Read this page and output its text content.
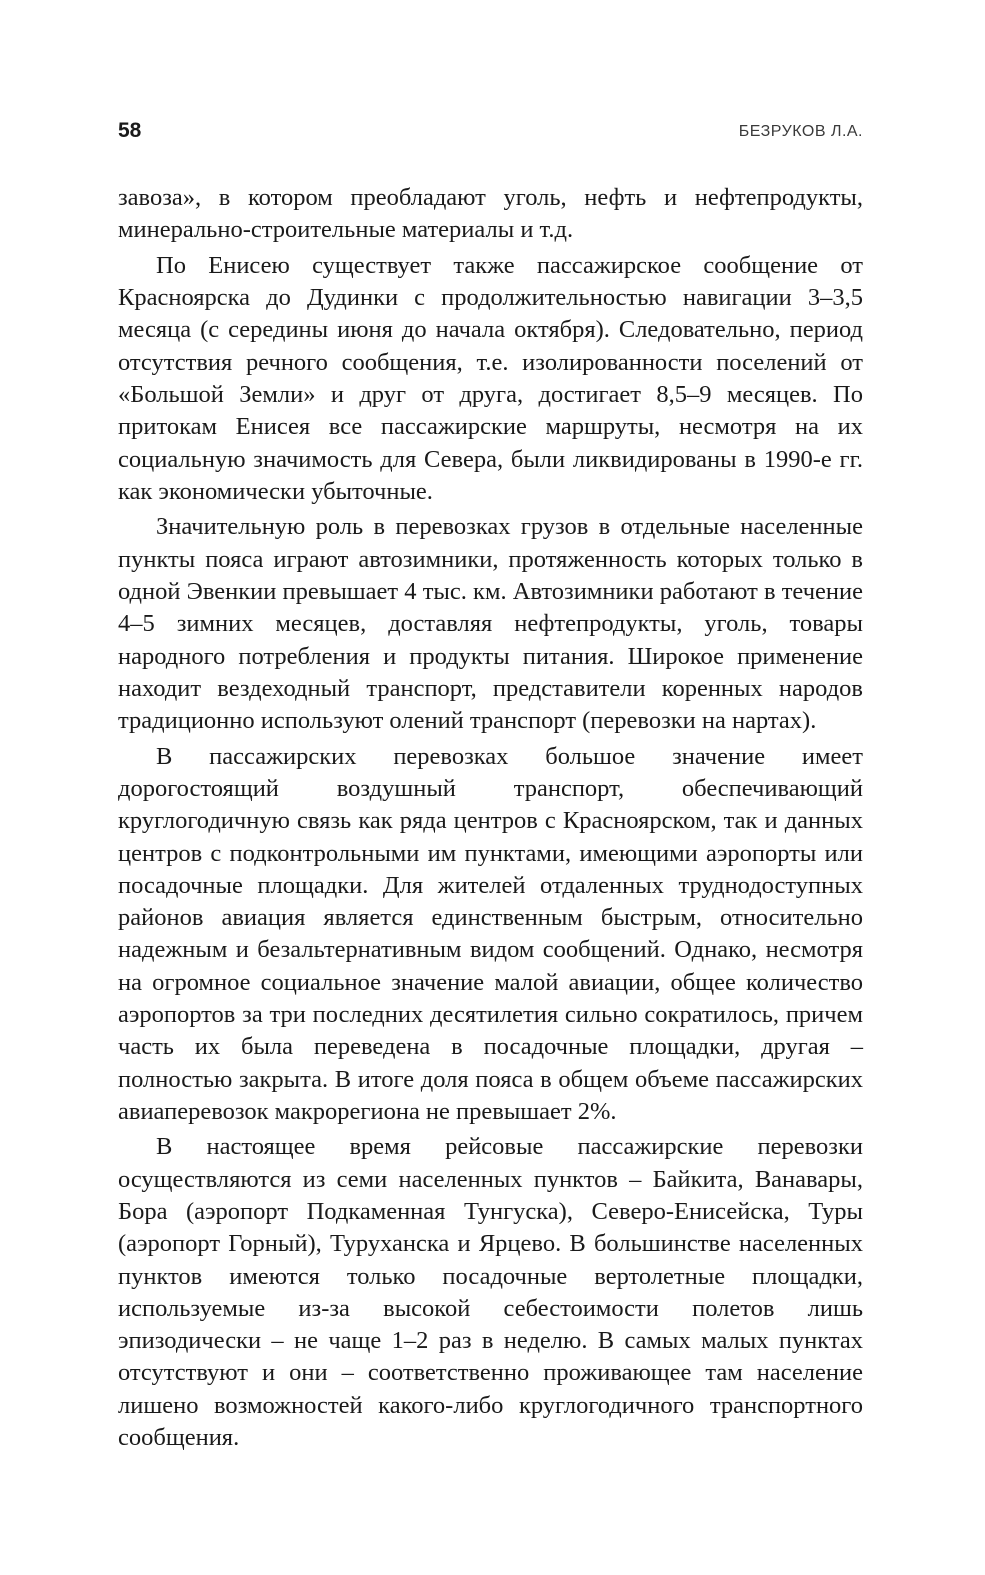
58	БЕЗРУКОВ Л.А.

завоза», в котором преобладают уголь, нефть и нефтепродукты, минерально-строительные материалы и т.д.

По Енисею существует также пассажирское сообщение от Красноярска до Дудинки с продолжительностью навигации 3–3,5 месяца (с середины июня до начала октября). Следовательно, период отсутствия речного сообщения, т.е. изолированности поселений от «Большой Земли» и друг от друга, достигает 8,5–9 месяцев. По притокам Енисея все пассажирские маршруты, несмотря на их социальную значимость для Севера, были ликвидированы в 1990-е гг. как экономически убыточные.

Значительную роль в перевозках грузов в отдельные населенные пункты пояса играют автозимники, протяженность которых только в одной Эвенкии превышает 4 тыс. км. Автозимники работают в течение 4–5 зимних месяцев, доставляя нефтепродукты, уголь, товары народного потребления и продукты питания. Широкое применение находит вездеходный транспорт, представители коренных народов традиционно используют олений транспорт (перевозки на нартах).

В пассажирских перевозках большое значение имеет дорогостоящий воздушный транспорт, обеспечивающий круглогодичную связь как ряда центров с Красноярском, так и данных центров с подконтрольными им пунктами, имеющими аэропорты или посадочные площадки. Для жителей отдаленных труднодоступных районов авиация является единственным быстрым, относительно надежным и безальтернативным видом сообщений. Однако, несмотря на огромное социальное значение малой авиации, общее количество аэропортов за три последних десятилетия сильно сократилось, причем часть их была переведена в посадочные площадки, другая – полностью закрыта. В итоге доля пояса в общем объеме пассажирских авиаперевозок макрорегиона не превышает 2%.

В настоящее время рейсовые пассажирские перевозки осуществляются из семи населенных пунктов – Байкита, Ванавары, Бора (аэропорт Подкаменная Тунгуска), Северо-Енисейска, Туры (аэропорт Горный), Туруханска и Ярцево. В большинстве населенных пунктов имеются только посадочные вертолетные площадки, используемые из-за высокой себестоимости полетов лишь эпизодически – не чаще 1–2 раз в неделю. В самых малых пунктах отсутствуют и они – соответственно проживающее там население лишено возможностей какого-либо круглогодичного транспортного сообщения.
